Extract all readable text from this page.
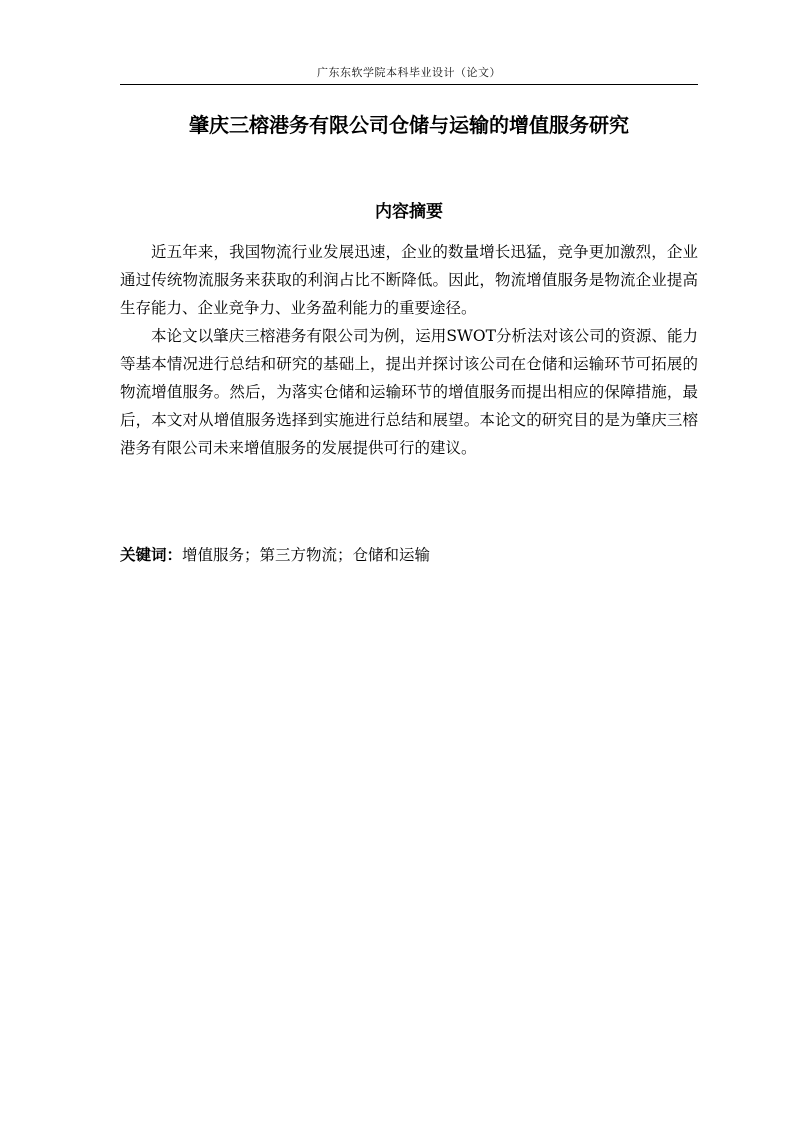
广东东软学院本科毕业设计（论文）
肇庆三榕港务有限公司仓储与运输的增值服务研究
内容摘要

近五年来，我国物流行业发展迅速，企业的数量增长迅猛，竞争更加激烈，企业通过传统物流服务来获取的利润占比不断降低。因此，物流增值服务是物流企业提高生存能力、企业竞争力、业务盈利能力的重要途径。

本论文以肇庆三榕港务有限公司为例，运用SWOT分析法对该公司的资源、能力等基本情况进行总结和研究的基础上，提出并探讨该公司在仓储和运输环节可拓展的物流增值服务。然后，为落实仓储和运输环节的增值服务而提出相应的保障措施，最后，本文对从增值服务选择到实施进行总结和展望。本论文的研究目的是为肇庆三榕港务有限公司未来增值服务的发展提供可行的建议。

关键词：增值服务；第三方物流；仓储和运输
